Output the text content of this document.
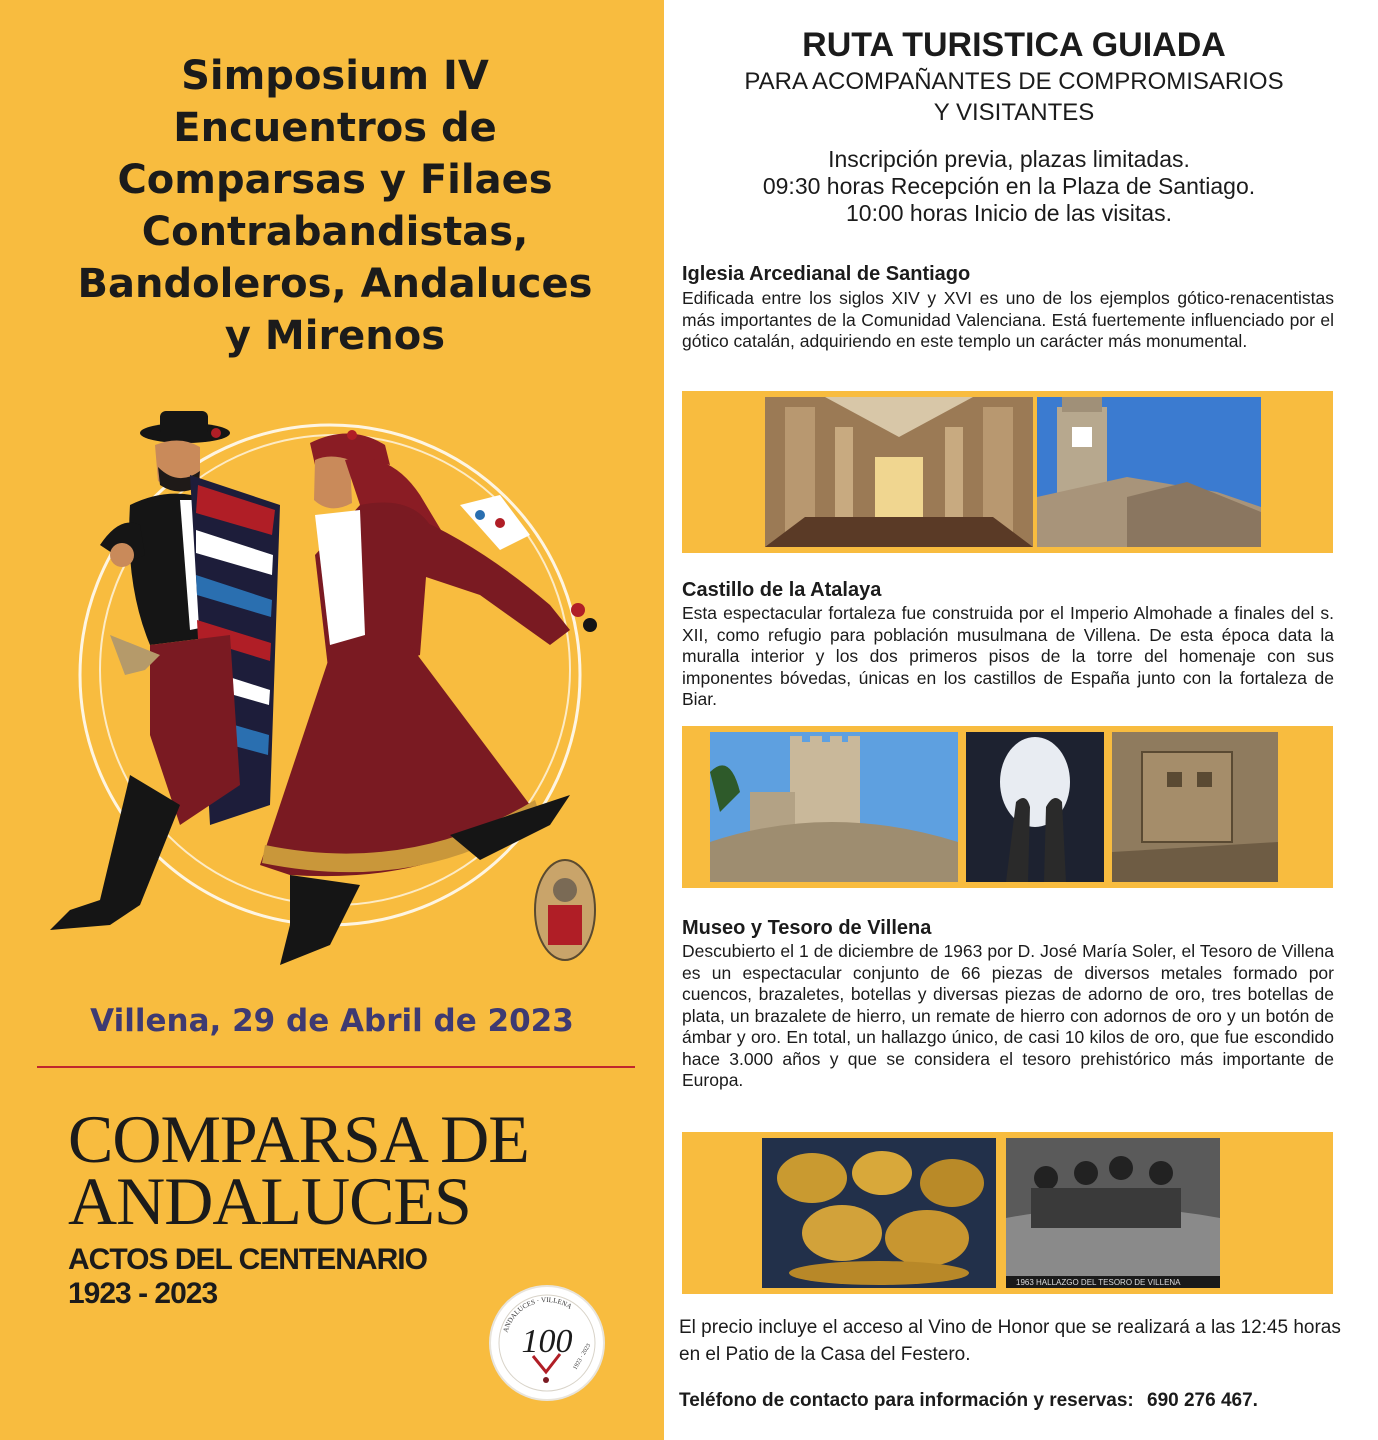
Simposium IV
Encuentros de
Comparsas y Filaes
Contrabandistas,
Bandoleros, Andaluces
y Mirenos
Villena, 29 de Abril de 2023
COMPARSA DE
ANDALUCES
ACTOS DEL CENTENARIO
1923 - 2023
ANDALUCES · VILLENA
100 1923 · 2023
RUTA TURISTICA GUIADA
PARA ACOMPAÑANTES DE COMPROMISARIOS
Y VISITANTES
Inscripción previa, plazas limitadas.
09:30 horas Recepción en la Plaza de Santiago.
10:00 horas Inicio de las visitas.
Iglesia Arcedianal de Santiago
Edificada entre los siglos XIV y XVI es uno de los ejemplos gótico-renacentistas más importantes de la Comunidad Valenciana. Está fuertemente influenciado por el gótico catalán, adquiriendo en este templo un carácter más monumental.
Castillo de la Atalaya
Esta espectacular fortaleza fue construida por el Imperio Almohade a finales del s. XII, como refugio para población musulmana de Villena. De esta época data la muralla interior y los dos primeros pisos de la torre del homenaje con sus imponentes bóvedas, únicas en los castillos de España junto con la fortaleza de Biar.
Museo y Tesoro de Villena
Descubierto el 1 de diciembre de 1963 por D. José María Soler, el Tesoro de Villena es un espectacular conjunto de 66 piezas de diversos metales formado por cuencos, brazaletes, botellas y diversas piezas de adorno de oro, tres botellas de plata, un brazalete de hierro, un remate de hierro con adornos de oro y un botón de ámbar y oro. En total, un hallazgo único, de casi 10 kilos de oro, que fue escondido hace 3.000 años y que se considera el tesoro prehistórico más importante de Europa.
1963 HALLAZGO DEL TESORO DE VILLENA
El precio incluye el acceso al Vino de Honor que se realizará a las 12:45 horas en el Patio de la Casa del Festero.
Teléfono de contacto para información y reservas: 690 276 467.
